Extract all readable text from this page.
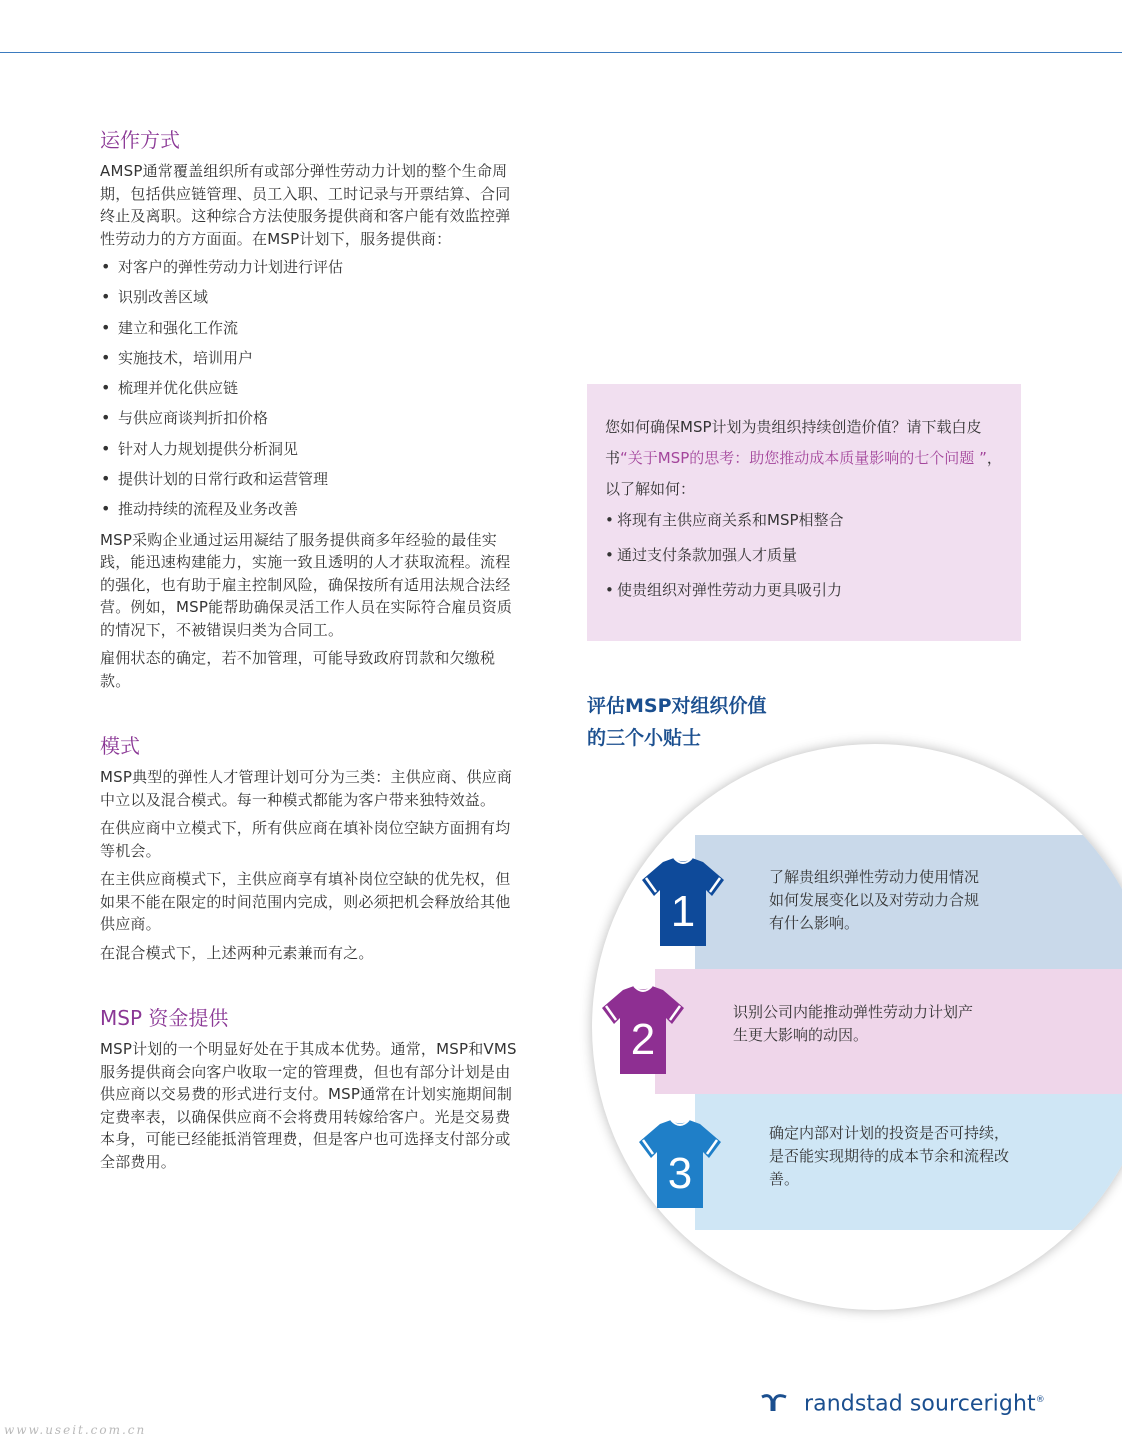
运作方式

AMSP通常覆盖组织所有或部分弹性劳动力计划的整个生命周期，包括供应链管理、员工入职、工时记录与开票结算、合同终止及离职。这种综合方法使服务提供商和客户能有效监控弹性劳动力的方方面面。在MSP计划下，服务提供商：

• 对客户的弹性劳动力计划进行评估
• 识别改善区域
• 建立和强化工作流
• 实施技术，培训用户
• 梳理并优化供应链
• 与供应商谈判折扣价格
• 针对人力规划提供分析洞见
• 提供计划的日常行政和运营管理
• 推动持续的流程及业务改善

MSP采购企业通过运用凝结了服务提供商多年经验的最佳实践，能迅速构建能力，实施一致且透明的人才获取流程。流程的强化，也有助于雇主控制风险，确保按所有适用法规合法经营。例如，MSP能帮助确保灵活工作人员在实际符合雇员资质的情况下，不被错误归类为合同工。

雇佣状态的确定，若不加管理，可能导致政府罚款和欠缴税款。

模式

MSP典型的弹性人才管理计划可分为三类：主供应商、供应商中立以及混合模式。每一种模式都能为客户带来独特效益。

在供应商中立模式下，所有供应商在填补岗位空缺方面拥有均等机会。

在主供应商模式下，主供应商享有填补岗位空缺的优先权，但如果不能在限定的时间范围内完成，则必须把机会释放给其他供应商。

在混合模式下，上述两种元素兼而有之。

MSP 资金提供

MSP计划的一个明显好处在于其成本优势。通常，MSP和VMS服务提供商会向客户收取一定的管理费，但也有部分计划是由供应商以交易费的形式进行支付。MSP通常在计划实施期间制定费率表，以确保供应商不会将费用转嫁给客户。光是交易费本身，可能已经能抵消管理费，但是客户也可选择支付部分或全部费用。

您如何确保MSP计划为贵组织持续创造价值？请下载白皮书“关于MSP的思考：助您推动成本质量影响的七个问题 ”，以了解如何：

• 将现有主供应商关系和MSP相整合
• 通过支付条款加强人才质量
• 使贵组织对弹性劳动力更具吸引力
评估MSP对组织价值
的三个小贴士
了解贵组织弹性劳动力使用情况如何发展变化以及对劳动力合规有什么影响。
识别公司内能推动弹性劳动力计划产生更大影响的动因。
确定内部对计划的投资是否可持续，是否能实现期待的成本节余和流程改善。
1
2
3
randstad sourceright®
www.useit.com.cn
